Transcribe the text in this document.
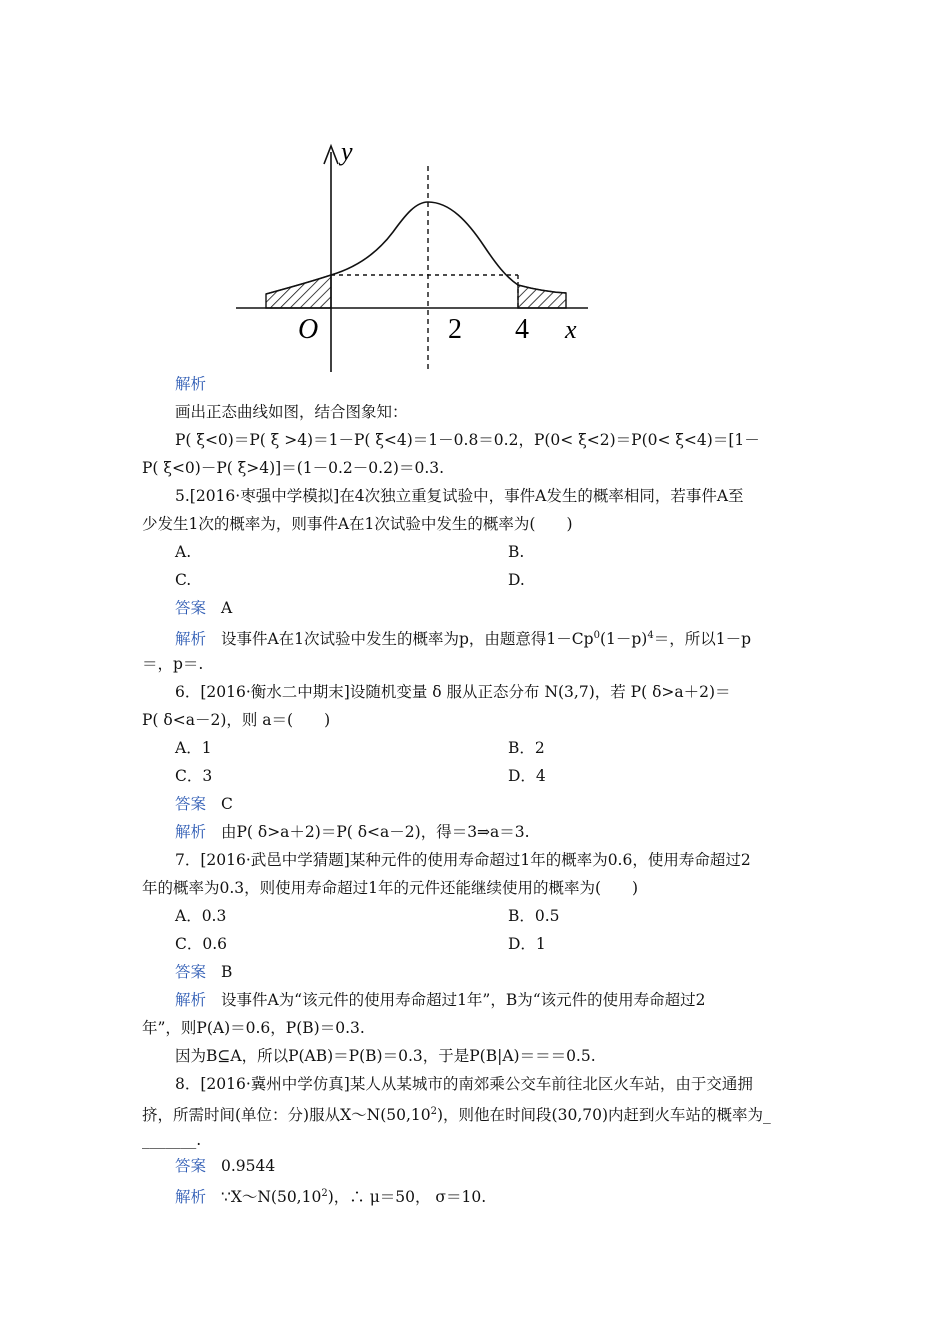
y
O	2 4 x
解析
画出正态曲线如图，结合图象知：
P( ξ<0)＝P( ξ >4)＝1－P( ξ<4)＝1－0.8＝0.2，P(0< ξ<2)＝P(0< ξ<4)＝[1－
P( ξ<0)－P( ξ>4)]＝(1－0.2－0.2)＝0.3.
5.[2016·枣强中学模拟]在4次独立重复试验中，事件A发生的概率相同，若事件A至
少发生1次的概率为，则事件A在1次试验中发生的概率为(　　)
A.	B.
C.	D.
答案 A
解析 设事件A在1次试验中发生的概率为p，由题意得$1-Cp^0(1-p)^4=$，所以1－p
＝，p＝.
6．[2016·衡水二中期末]设随机变量 δ 服从正态分布 N(3,7)，若 P( δ>a＋2)＝
P( δ<a－2)，则 a＝(　　)
A．1	B．2
C．3	D．4
答案 C
解析 由P( δ>a＋2)＝P( δ<a－2)，得＝3⇒a＝3.
7．[2016·武邑中学猜题]某种元件的使用寿命超过1年的概率为0.6，使用寿命超过2
年的概率为0.3，则使用寿命超过1年的元件还能继续使用的概率为(　　)
A．0.3	B．0.5
C．0.6	D．1
答案 B
解析 设事件A为“该元件的使用寿命超过1年”，B为“该元件的使用寿命超过2
年”，则P(A)＝0.6，P(B)＝0.3.
因为B⊆A，所以P(AB)＝P(B)＝0.3，于是P(B|A)＝＝＝0.5.
8．[2016·冀州中学仿真]某人从某城市的南郊乘公交车前往北区火车站，由于交通拥
挤，所需时间(单位：分)服从X～N(50,10$^2$)，则他在时间段(30,70)内赶到火车站的概率为_
_______.
答案 0.9544
解析 ∵X～N(50,10$^2$)，∴ μ＝50， σ＝10.
